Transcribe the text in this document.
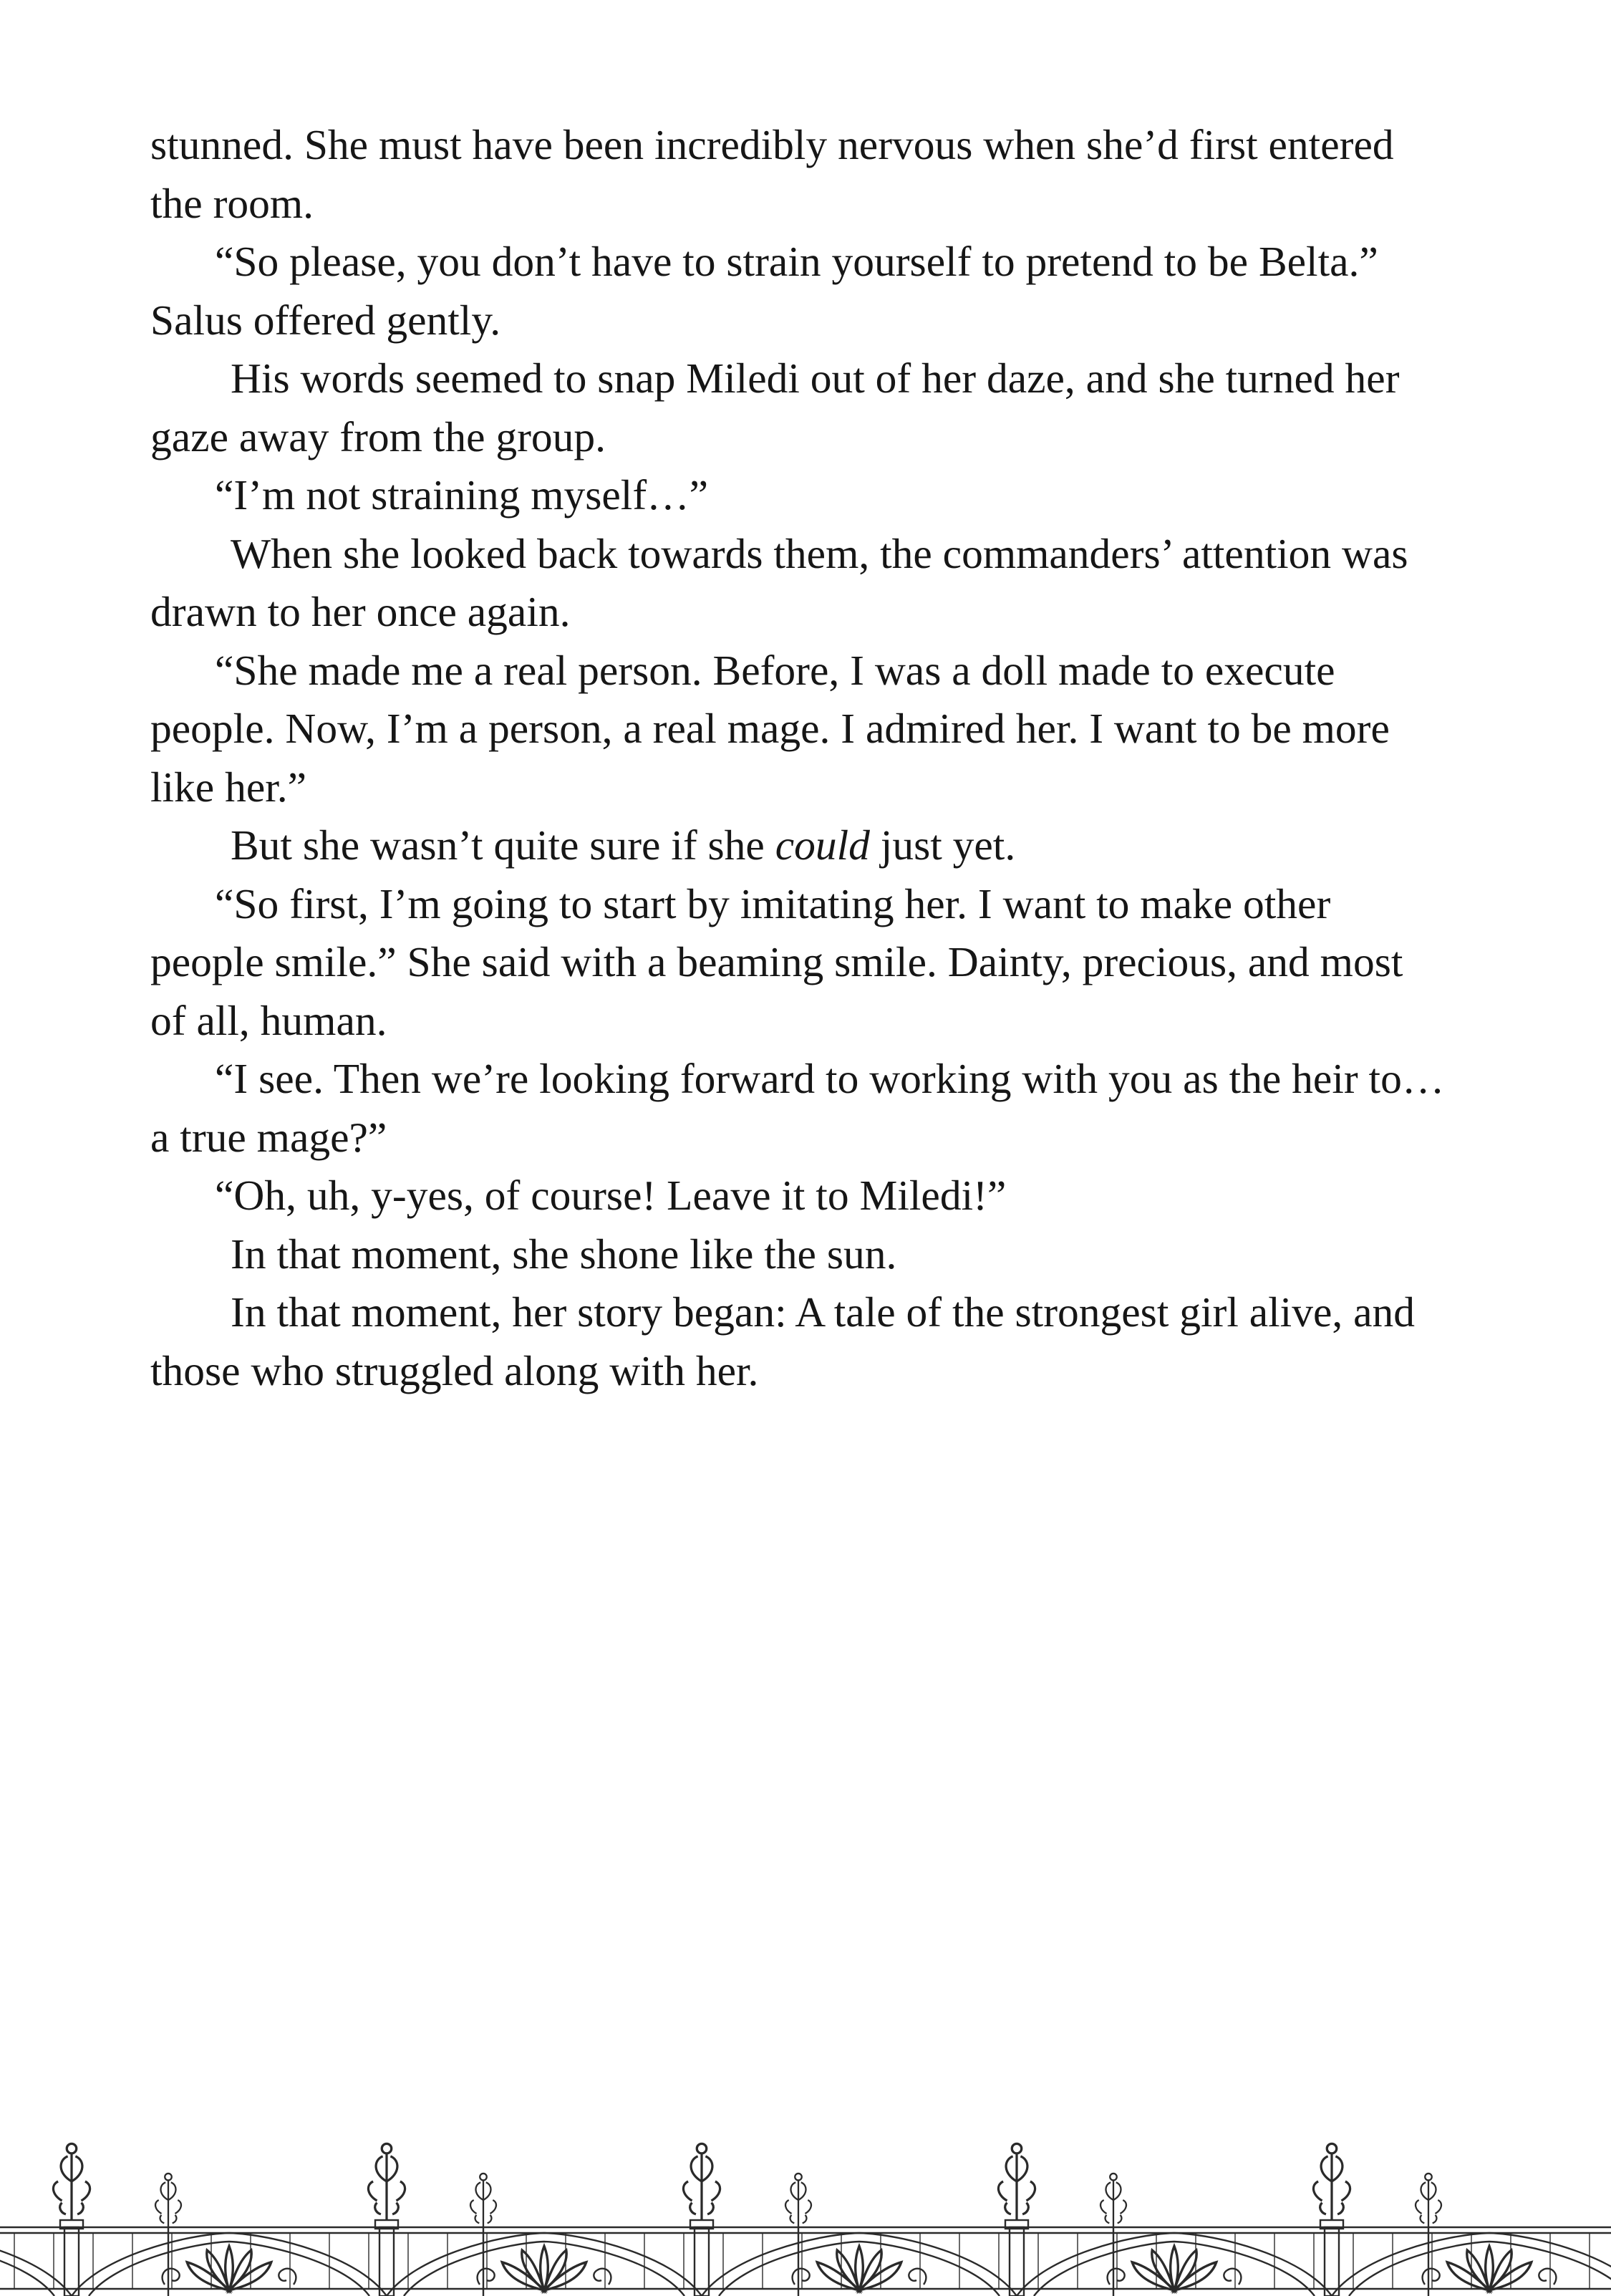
stunned. She must have been incredibly nervous when she’d first entered the room.

“So please, you don’t have to strain yourself to pretend to be Belta.” Salus offered gently.

His words seemed to snap Miledi out of her daze, and she turned her gaze away from the group.

“I’m not straining myself…”

When she looked back towards them, the commanders’ attention was drawn to her once again.

“She made me a real person. Before, I was a doll made to execute people. Now, I’m a person, a real mage. I admired her. I want to be more like her.”

But she wasn’t quite sure if she could just yet.

“So first, I’m going to start by imitating her. I want to make other people smile.” She said with a beaming smile. Dainty, precious, and most of all, human.

“I see. Then we’re looking forward to working with you as the heir to…a true mage?”

“Oh, uh, y-yes, of course! Leave it to Miledi!”

In that moment, she shone like the sun.

In that moment, her story began: A tale of the strongest girl alive, and those who struggled along with her.
